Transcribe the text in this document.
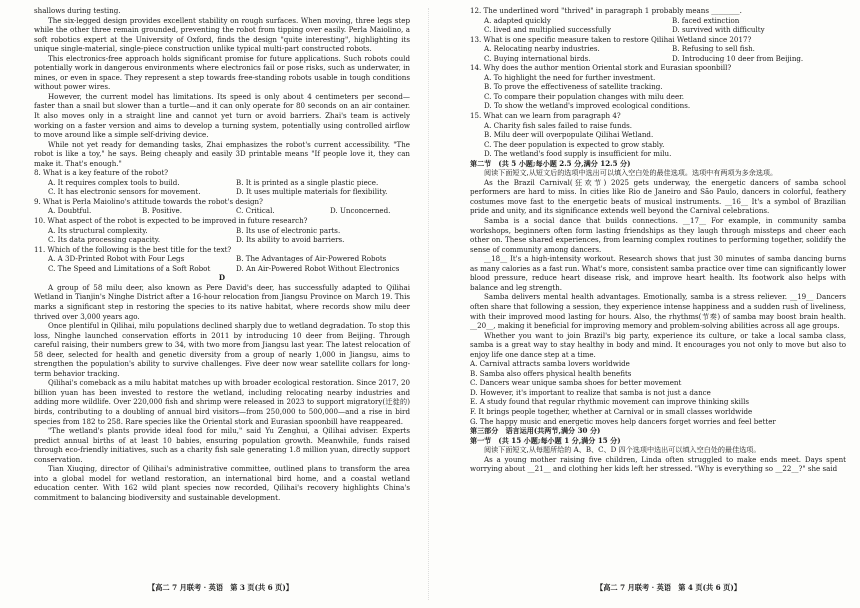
shallows during testing.

The six-legged design provides excellent stability on rough surfaces. When moving, three legs step while the other three remain grounded, preventing the robot from tipping over easily. Perla Maiolino, a soft robotics expert at the University of Oxford, finds the design "quite interesting", highlighting its unique single-material, single-piece construction unlike typical multi-part constructed robots.

This electronics-free approach holds significant promise for future applications. Such robots could potentially work in dangerous environments where electronics fail or pose risks, such as underwater, in mines, or even in space. They represent a step towards free-standing robots usable in tough conditions without power wires.

However, the current model has limitations. Its speed is only about 4 centimeters per second—faster than a snail but slower than a turtle—and it can only operate for 80 seconds on an air container. It also moves only in a straight line and cannot yet turn or avoid barriers. Zhai's team is actively working on a faster version and aims to develop a turning system, potentially using controlled airflow to move around like a simple self-driving device.

While not yet ready for demanding tasks, Zhai emphasizes the robot's current accessibility. "The robot is like a toy," he says. Being cheaply and easily 3D printable means "If people love it, they can make it. That's enough."

8. What is a key feature of the robot?

A. It requires complex tools to build.	B. It is printed as a single plastic piece.

C. It has electronic sensors for movement.	D. It uses multiple materials for flexibility.

9. What is Perla Maiolino's attitude towards the robot's design?

A. Doubtful.	B. Positive.	C. Critical.	D. Unconcerned.

10. What aspect of the robot is expected to be improved in future research?

A. Its structural complexity.	B. Its use of electronic parts.

C. Its data processing capacity.	D. Its ability to avoid barriers.

11. Which of the following is the best title for the text?

A. A 3D-Printed Robot with Four Legs	B. The Advantages of Air-Powered Robots

C. The Speed and Limitations of a Soft Robot	D. An Air-Powered Robot Without Electronics

D

A group of 58 milu deer, also known as Pere David's deer, has successfully adapted to Qilihai Wetland in Tianjin's Ninghe District after a 16-hour relocation from Jiangsu Province on March 19. This marks a significant step in restoring the species to its native habitat, where records show milu deer thrived over 3,000 years ago.

Once plentiful in Qilihai, milu populations declined sharply due to wetland degradation. To stop this loss, Ninghe launched conservation efforts in 2011 by introducing 10 deer from Beijing. Through careful raising, their numbers grew to 34, with two more from Jiangsu last year. The latest relocation of 58 deer, selected for health and genetic diversity from a group of nearly 1,000 in Jiangsu, aims to strengthen the population's ability to survive challenges. Five deer now wear satellite collars for long-term behavior tracking.

Qilihai's comeback as a milu habitat matches up with broader ecological restoration. Since 2017, 20 billion yuan has been invested to restore the wetland, including relocating nearby industries and adding more wildlife. Over 220,000 fish and shrimp were released in 2023 to support migratory(迁徙的) birds, contributing to a doubling of annual bird visitors—from 250,000 to 500,000—and a rise in bird species from 182 to 258. Rare species like the Oriental stork and Eurasian spoonbill have reappeared.

"The wetland's plants provide ideal food for milu," said Yu Zenghui, a Qilihai adviser. Experts predict annual births of at least 10 babies, ensuring population growth. Meanwhile, funds raised through eco-friendly initiatives, such as a charity fish sale generating 1.8 million yuan, directly support conservation.

Tian Xiuqing, director of Qilihai's administrative committee, outlined plans to transform the area into a global model for wetland restoration, an international bird home, and a coastal wetland education center. With 162 wild plant species now recorded, Qilihai's recovery highlights China's commitment to balancing biodiversity and sustainable development.

12. The underlined word "thrived" in paragraph 1 probably means ________.

A. adapted quickly	B. faced extinction

C. lived and multiplied successfully	D. survived with difficulty

13. What is one specific measure taken to restore Qilihai Wetland since 2017?

A. Relocating nearby industries.	B. Refusing to sell fish.

C. Buying international birds.	D. Introducing 10 deer from Beijing.

14. Why does the author mention Oriental stork and Eurasian spoonbill?

A. To highlight the need for further investment.

B. To prove the effectiveness of satellite tracking.

C. To compare their population changes with milu deer.

D. To show the wetland's improved ecological conditions.

15. What can we learn from paragraph 4?

A. Charity fish sales failed to raise funds.

B. Milu deer will overpopulate Qilihai Wetland.

C. The deer population is expected to grow stably.

D. The wetland's food supply is insufficient for milu.

第二节　(共 5 小题;每小题 2.5 分,满分 12.5 分)

阅读下面短文,从短文后的选项中选出可以填入空白处的最佳选项。选项中有两项为多余选项。

As the Brazil Carnival(狂欢节) 2025 gets underway, the energetic dancers of samba school performers are hard to miss. In cities like Rio de Janeiro and São Paulo, dancers in colorful, feathery costumes move fast to the energetic beats of musical instruments. __16__ It's a symbol of Brazilian pride and unity, and its significance extends well beyond the Carnival celebrations.

Samba is a social dance that builds connections. __17__ For example, in community samba workshops, beginners often form lasting friendships as they laugh through missteps and cheer each other on. These shared experiences, from learning complex routines to performing together, solidify the sense of community among dancers.

__18__ It's a high-intensity workout. Research shows that just 30 minutes of samba dancing burns as many calories as a fast run. What's more, consistent samba practice over time can significantly lower blood pressure, reduce heart disease risk, and improve heart health. Its footwork also helps with balance and leg strength.

Samba delivers mental health advantages. Emotionally, samba is a stress reliever. __19__ Dancers often share that following a session, they experience intense happiness and a sudden rush of liveliness, with their improved mood lasting for hours. Also, the rhythms(节奏) of samba may boost brain health. __20__, making it beneficial for improving memory and problem-solving abilities across all age groups.

Whether you want to join Brazil's big party, experience its culture, or take a local samba class, samba is a great way to stay healthy in body and mind. It encourages you not only to move but also to enjoy life one dance step at a time.

A. Carnival attracts samba lovers worldwide

B. Samba also offers physical health benefits

C. Dancers wear unique samba shoes for better movement

D. However, it's important to realize that samba is not just a dance

E. A study found that regular rhythmic movement can improve thinking skills

F. It brings people together, whether at Carnival or in small classes worldwide

G. The happy music and energetic moves help dancers forget worries and feel better

第三部分　语言运用(共两节,满分 30 分)

第一节　(共 15 小题;每小题 1 分,满分 15 分)

阅读下面短文,从每题所给的 A、B、C、D 四个选项中选出可以填入空白处的最佳选项。

As a young mother raising five children, Linda often struggled to make ends meet. Days spent worrying about __21__ and clothing her kids left her stressed. "Why is everything so __22__?" she said

【高二 7 月联考 · 英语　第 3 页(共 6 页)】	【高二 7 月联考 · 英语　第 4 页(共 6 页)】
